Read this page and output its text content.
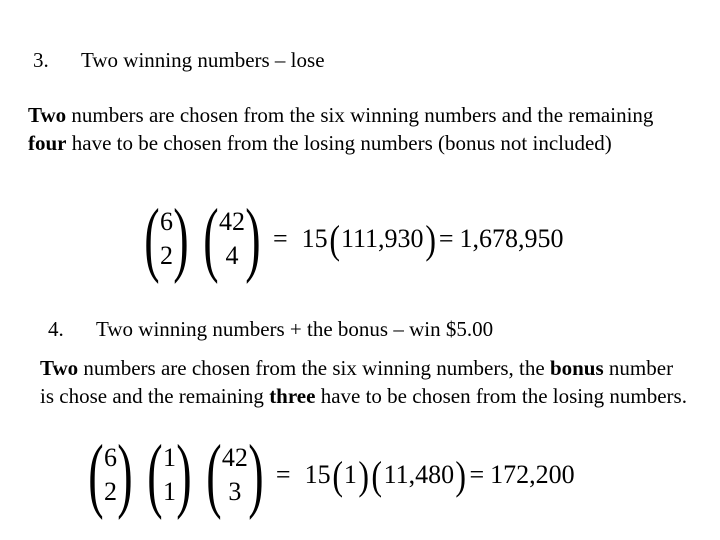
3. Two winning numbers – lose
Two numbers are chosen from the six winning numbers and the remaining four have to be chosen from the losing numbers (bonus not included)
( 6
2 ) ( 42
4 ) = 15 ( 111,930 ) = 1,678,950
4. Two winning numbers + the bonus – win $5.00
Two numbers are chosen from the six winning numbers, the bonus number is chose and the remaining three have to be chosen from the losing numbers.
( 6
2 ) ( 1
1 ) ( 42
3 ) = 15 ( 1 ) ( 11,480 ) = 172,200
